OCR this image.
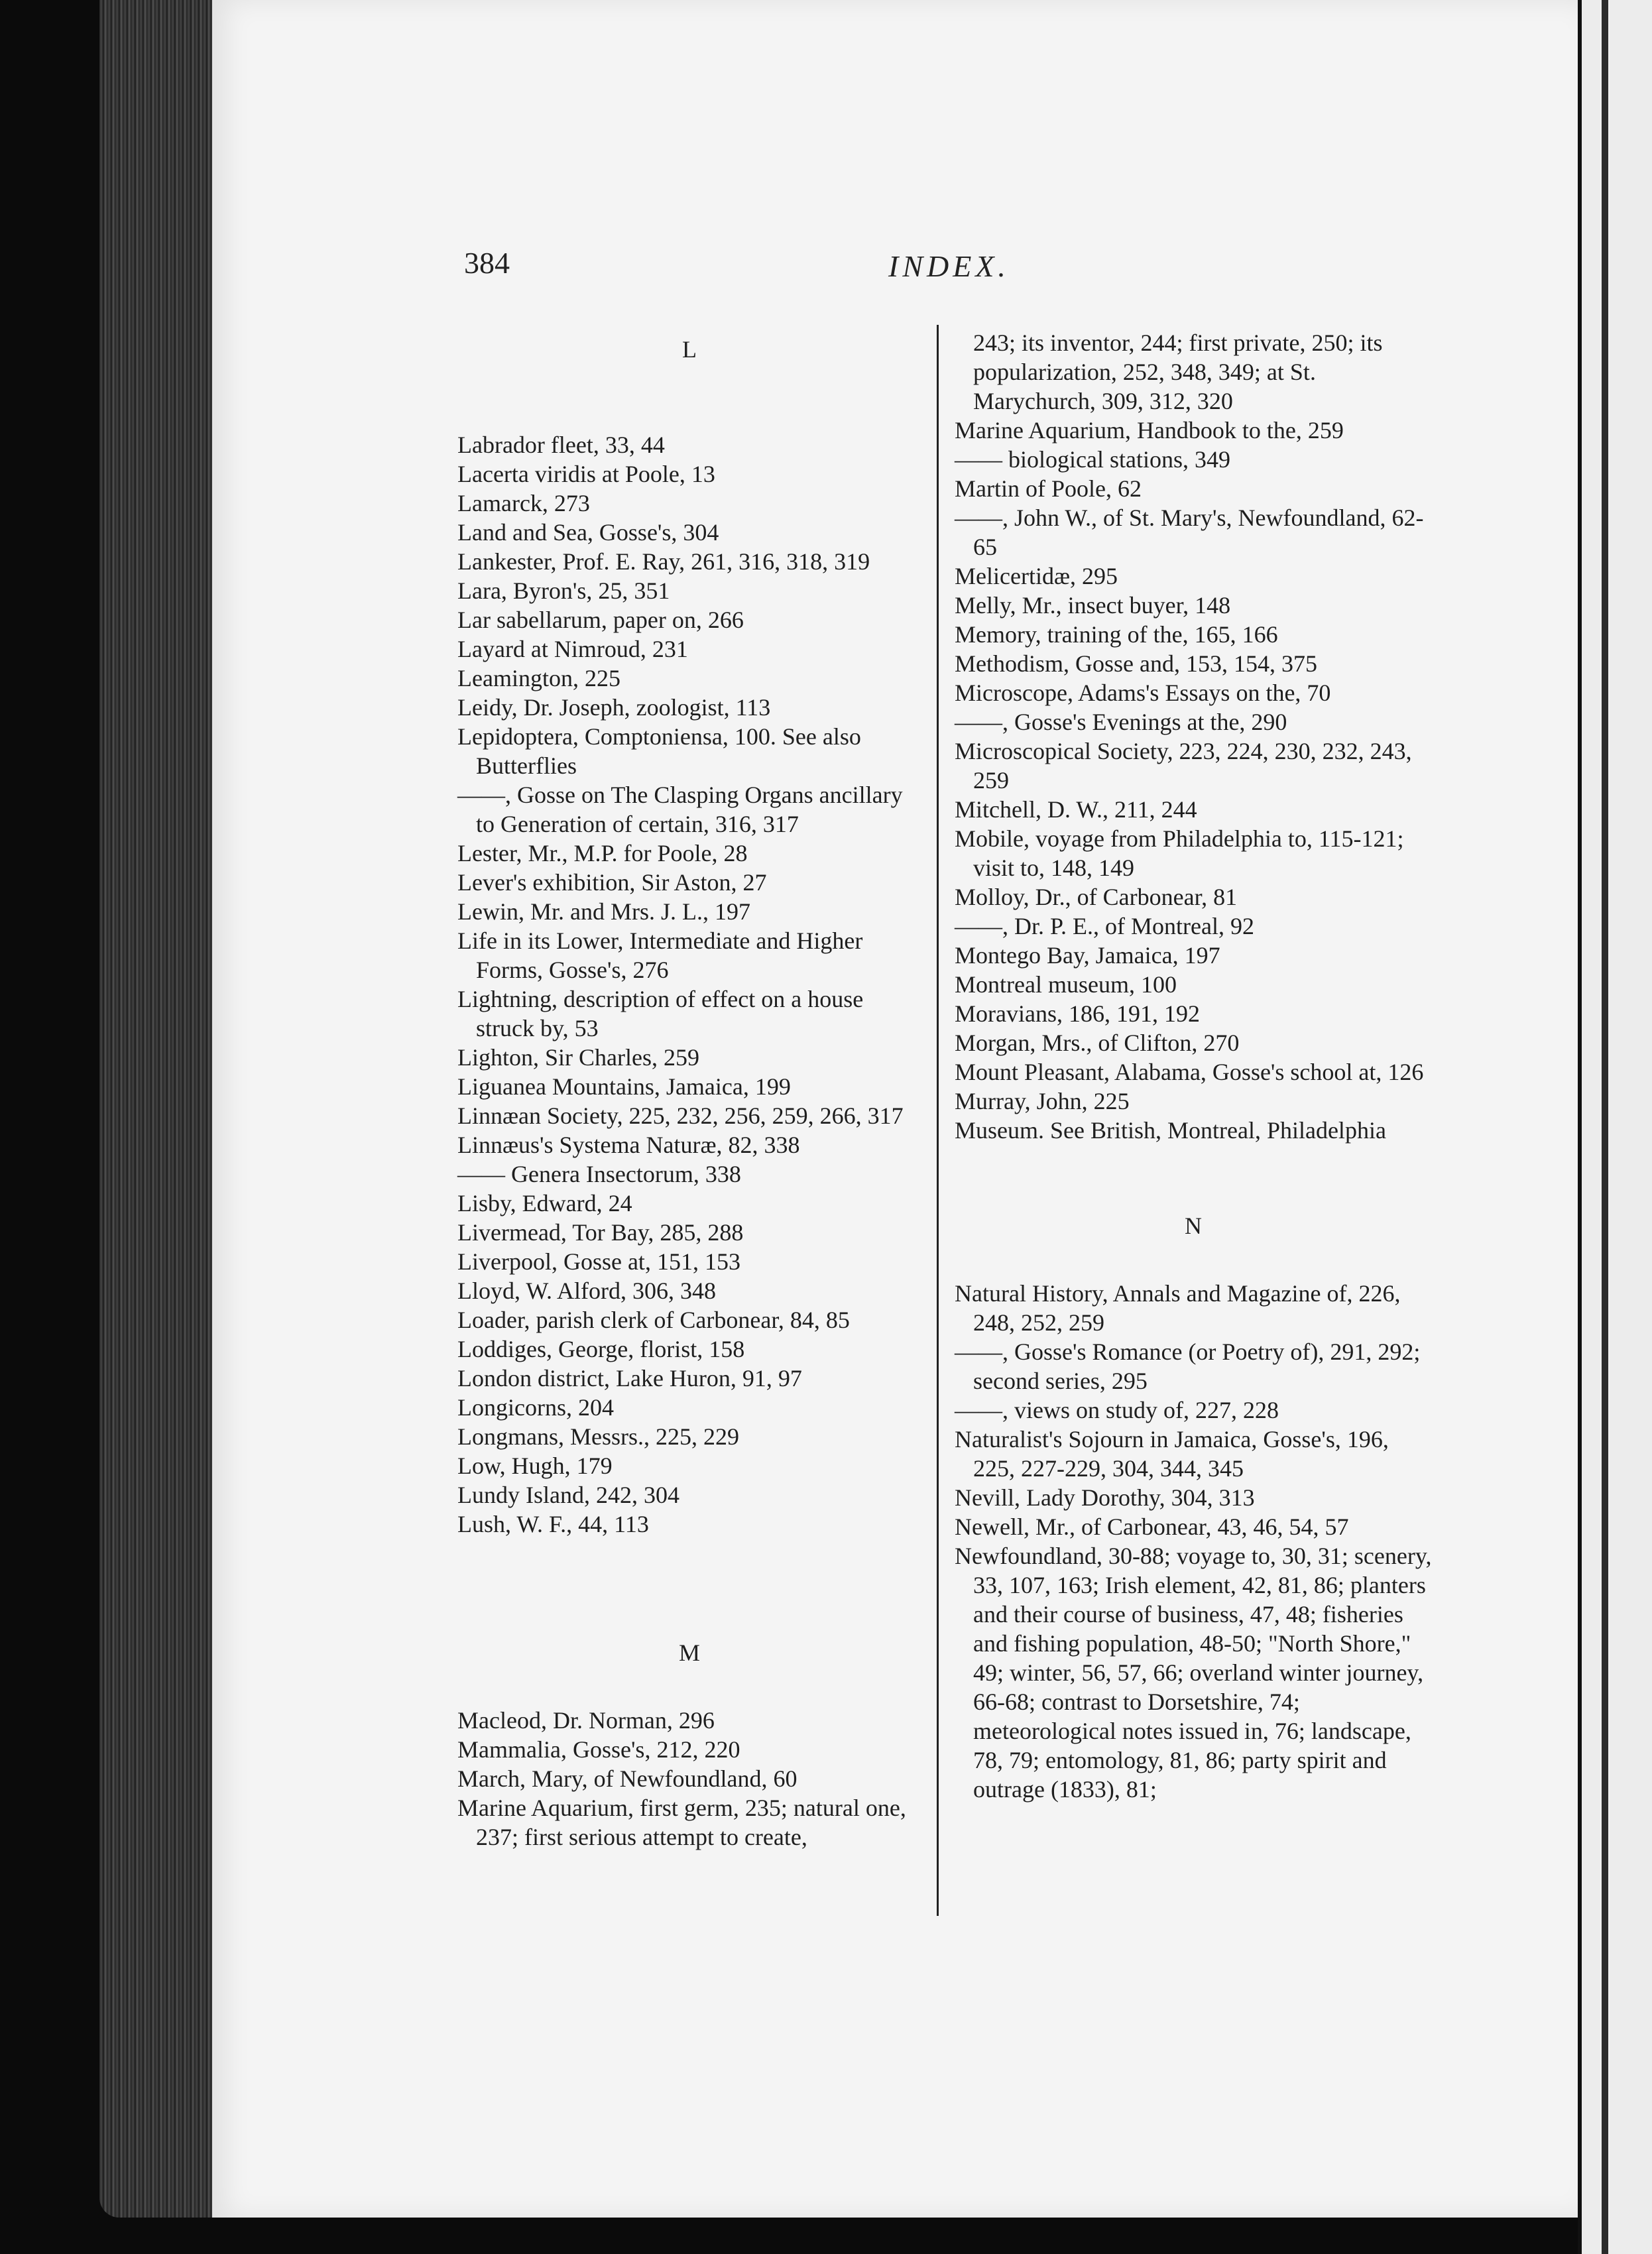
384	INDEX.

L

Labrador fleet, 33, 44

Lacerta viridis at Poole, 13

Lamarck, 273

Land and Sea, Gosse's, 304

Lankester, Prof. E. Ray, 261, 316, 318, 319

Lara, Byron's, 25, 351

Lar sabellarum, paper on, 266

Layard at Nimroud, 231

Leamington, 225

Leidy, Dr. Joseph, zoologist, 113

Lepidoptera, Comptoniensa, 100. See also Butterflies

——, Gosse on The Clasping Organs ancillary to Generation of certain, 316, 317

Lester, Mr., M.P. for Poole, 28

Lever's exhibition, Sir Aston, 27

Lewin, Mr. and Mrs. J. L., 197

Life in its Lower, Intermediate and Higher Forms, Gosse's, 276

Lightning, description of effect on a house struck by, 53

Lighton, Sir Charles, 259

Liguanea Mountains, Jamaica, 199

Linnæan Society, 225, 232, 256, 259, 266, 317

Linnæus's Systema Naturæ, 82, 338

—— Genera Insectorum, 338

Lisby, Edward, 24

Livermead, Tor Bay, 285, 288

Liverpool, Gosse at, 151, 153

Lloyd, W. Alford, 306, 348

Loader, parish clerk of Carbonear, 84, 85

Loddiges, George, florist, 158

London district, Lake Huron, 91, 97

Longicorns, 204

Longmans, Messrs., 225, 229

Low, Hugh, 179

Lundy Island, 242, 304

Lush, W. F., 44, 113

M

Macleod, Dr. Norman, 296

Mammalia, Gosse's, 212, 220

March, Mary, of Newfoundland, 60

Marine Aquarium, first germ, 235; natural one, 237; first serious attempt to create,

243; its inventor, 244; first private, 250; its popularization, 252, 348, 349; at St. Marychurch, 309, 312, 320

Marine Aquarium, Handbook to the, 259

—— biological stations, 349

Martin of Poole, 62

——, John W., of St. Mary's, Newfoundland, 62-65

Melicertidæ, 295

Melly, Mr., insect buyer, 148

Memory, training of the, 165, 166

Methodism, Gosse and, 153, 154, 375

Microscope, Adams's Essays on the, 70

——, Gosse's Evenings at the, 290

Microscopical Society, 223, 224, 230, 232, 243, 259

Mitchell, D. W., 211, 244

Mobile, voyage from Philadelphia to, 115-121; visit to, 148, 149

Molloy, Dr., of Carbonear, 81

——, Dr. P. E., of Montreal, 92

Montego Bay, Jamaica, 197

Montreal museum, 100

Moravians, 186, 191, 192

Morgan, Mrs., of Clifton, 270

Mount Pleasant, Alabama, Gosse's school at, 126

Murray, John, 225

Museum. See British, Montreal, Philadelphia

N

Natural History, Annals and Magazine of, 226, 248, 252, 259

——, Gosse's Romance (or Poetry of), 291, 292; second series, 295

——, views on study of, 227, 228

Naturalist's Sojourn in Jamaica, Gosse's, 196, 225, 227-229, 304, 344, 345

Nevill, Lady Dorothy, 304, 313

Newell, Mr., of Carbonear, 43, 46, 54, 57

Newfoundland, 30-88; voyage to, 30, 31; scenery, 33, 107, 163; Irish element, 42, 81, 86; planters and their course of business, 47, 48; fisheries and fishing population, 48-50; "North Shore," 49; winter, 56, 57, 66; overland winter journey, 66-68; contrast to Dorsetshire, 74; meteorological notes issued in, 76; landscape, 78, 79; entomology, 81, 86; party spirit and outrage (1833), 81;
